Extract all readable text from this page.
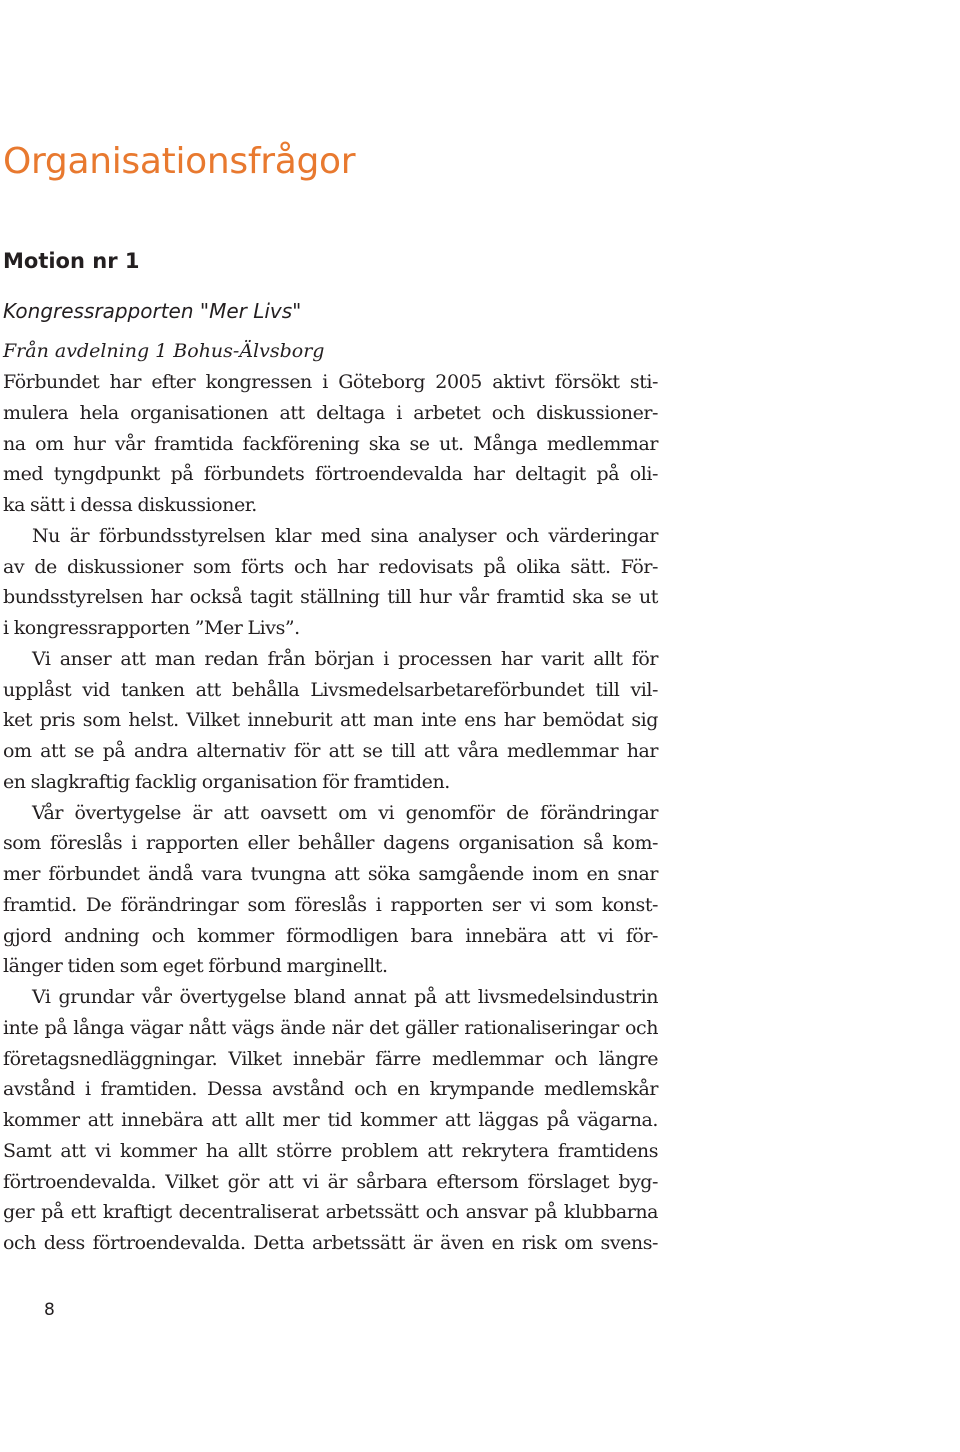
Organisationsfrågor
Motion nr 1
Kongressrapporten "Mer Livs"
Från avdelning 1 Bohus-Älvsborg
Förbundet har efter kongressen i Göteborg 2005 aktivt försökt sti-
mulera hela organisationen att deltaga i arbetet och diskussioner-
na om hur vår framtida fackförening ska se ut. Många medlemmar
med tyngdpunkt på förbundets förtroendevalda har deltagit på oli-
ka sätt i dessa diskussioner.
Nu är förbundsstyrelsen klar med sina analyser och värderingar
av de diskussioner som förts och har redovisats på olika sätt. För-
bundsstyrelsen har också tagit ställning till hur vår framtid ska se ut
i kongressrapporten ”Mer Livs”.
Vi anser att man redan från början i processen har varit allt för
upplåst vid tanken att behålla Livsmedelsarbetareförbundet till vil-
ket pris som helst. Vilket inneburit att man inte ens har bemödat sig
om att se på andra alternativ för att se till att våra medlemmar har
en slagkraftig facklig organisation för framtiden.
Vår övertygelse är att oavsett om vi genomför de förändringar
som föreslås i rapporten eller behåller dagens organisation så kom-
mer förbundet ändå vara tvungna att söka samgående inom en snar
framtid. De förändringar som föreslås i rapporten ser vi som konst-
gjord andning och kommer förmodligen bara innebära att vi för-
länger tiden som eget förbund marginellt.
Vi grundar vår övertygelse bland annat på att livsmedelsindustrin
inte på långa vägar nått vägs ände när det gäller rationaliseringar och
företagsnedläggningar. Vilket innebär färre medlemmar och längre
avstånd i framtiden. Dessa avstånd och en krympande medlemskår
kommer att innebära att allt mer tid kommer att läggas på vägarna.
Samt att vi kommer ha allt större problem att rekrytera framtidens
förtroendevalda. Vilket gör att vi är sårbara eftersom förslaget byg-
ger på ett kraftigt decentraliserat arbetssätt och ansvar på klubbarna
och dess förtroendevalda. Detta arbetssätt är även en risk om svens-
8
